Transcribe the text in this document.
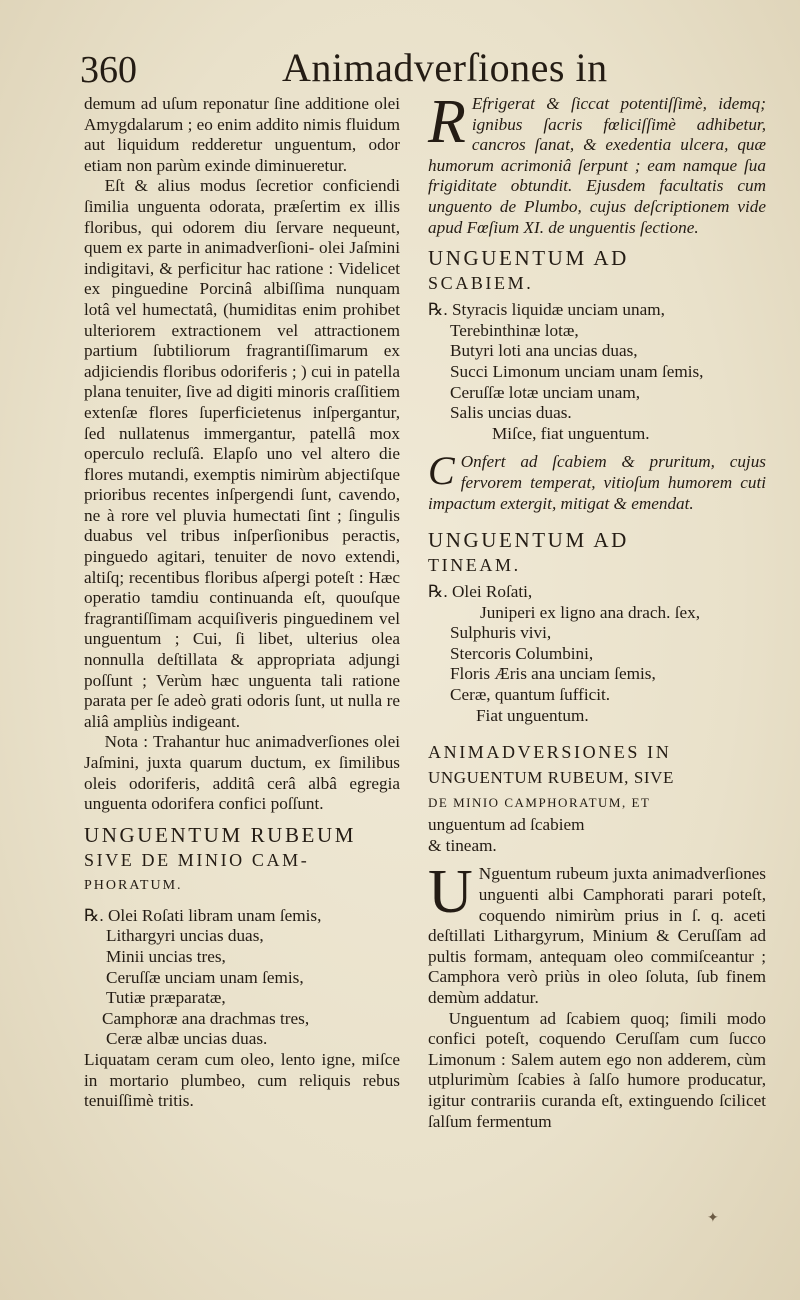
360	Animadverſiones in

demum ad uſum reponatur ſine additione olei Amygdalarum ; eo enim addito nimis fluidum aut liquidum redderetur unguentum, odor etiam non parùm exinde diminueretur.

Eſt & alius modus ſecretior conficiendi ſimilia unguenta odorata, præſertim ex illis floribus, qui odorem diu ſervare nequeunt, quem ex parte in animadverſioni- olei Jaſmini indigitavi, & perficitur hac ratione : Videlicet ex pinguedine Porcinâ albiſſima nunquam lotâ vel humectatâ, (humiditas enim prohibet ulteriorem extractionem vel attractionem partium ſubtiliorum fragrantiſſimarum ex adjiciendis floribus odoriferis ; ) cui in patella plana tenuiter, ſive ad digiti minoris craſſitiem extenſæ flores ſuperficietenus inſpergantur, ſed nullatenus immergantur, patellâ mox operculo recluſâ. Elapſo uno vel altero die flores mutandi, exemptis nimirùm abjectiſque prioribus recentes inſpergendi ſunt, cavendo, ne à rore vel pluvia humectati ſint ; ſingulis duabus vel tribus inſperſionibus peractis, pinguedo agitari, tenuiter de novo extendi, altiſq; recentibus floribus aſpergi poteſt : Hæc operatio tamdiu continuanda eſt, quouſque fragrantiſſimam acquiſiveris pinguedinem vel unguentum ; Cui, ſi libet, ulterius olea nonnulla deſtillata & appropriata adjungi poſſunt ; Verùm hæc unguenta tali ratione parata per ſe adeò grati odoris ſunt, ut nulla re aliâ ampliùs indigeant.

Nota : Trahantur huc animadverſiones olei Jaſmini, juxta quarum ductum, ex ſimilibus oleis odoriferis, additâ cerâ albâ egregia unguenta odorifera confici poſſunt.

UNGUENTUM RUBEUM

SIVE DE MINIO CAM-

PHORATUM.

℞. Olei Roſati libram unam ſemis,
Lithargyri uncias duas,
Minii uncias tres,
Ceruſſæ unciam unam ſemis,
Tutiæ præparatæ,
Camphoræ ana drachmas tres,
Ceræ albæ uncias duas.

Liquatam ceram cum oleo, lento igne, miſce in mortario plumbeo, cum reliquis rebus tenuiſſimè tritis.

R Efrigerat & ſiccat potentiſſimè, idemq; ignibus ſacris fœliciſſimè adhibetur, cancros ſanat, & exedentia ulcera, quæ humorum acrimoniâ ſerpunt ; eam namque ſua frigiditate obtundit. Ejusdem facultatis cum unguento de Plumbo, cujus deſcriptionem vide apud Fœſium XI. de unguentis ſectione.

UNGUENTUM AD

SCABIEM.

℞. Styracis liquidæ unciam unam,
Terebinthinæ lotæ,
Butyri loti ana uncias duas,
Succi Limonum unciam unam ſemis,
Ceruſſæ lotæ unciam unam,
Salis uncias duas.
Miſce, fiat unguentum.

C Onfert ad ſcabiem & pruritum, cujus fervorem temperat, vitioſum humorem cuti impactum extergit, mitigat & emendat.

UNGUENTUM AD

TINEAM.

℞. Olei Roſati,
Juniperi ex ligno ana drach. ſex,
Sulphuris vivi,
Stercoris Columbini,
Floris Æris ana unciam ſemis,
Ceræ, quantum ſufficit.
Fiat unguentum.

ANIMADVERSIONES IN

UNGUENTUM RUBEUM, SIVE

DE MINIO CAMPHORATUM, ET

unguentum ad ſcabiem

& tineam.

U Nguentum rubeum juxta animadverſiones unguenti albi Camphorati parari poteſt, coquendo nimirùm prius in ſ. q. aceti deſtillati Lithargyrum, Minium & Ceruſſam ad pultis formam, antequam oleo commiſceantur ; Camphora verò priùs in oleo ſoluta, ſub finem demùm addatur.

Unguentum ad ſcabiem quoq; ſimili modo confici poteſt, coquendo Ceruſſam cum ſucco Limonum : Salem autem ego non adderem, cùm utplurimùm ſcabies à ſalſo humore producatur, igitur contrariis curanda eſt, extinguendo ſcilicet ſalſum fermentum

✦
